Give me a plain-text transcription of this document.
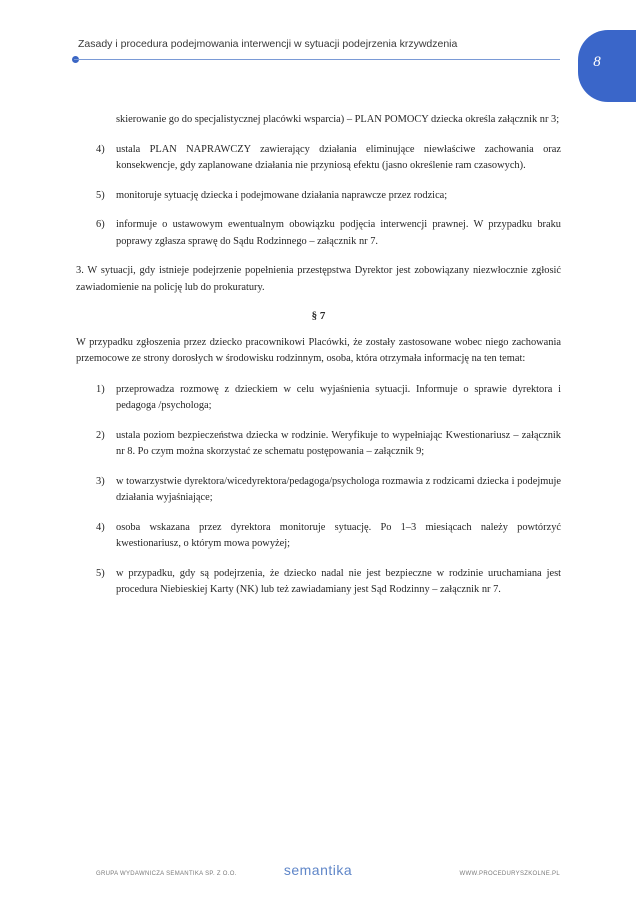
Zasady i procedura podejmowania interwencji w sytuacji podejrzenia krzywdzenia
8

skierowanie go do specjalistycznej placówki wsparcia) – PLAN POMOCY dziecka określa załącznik nr 3;

4) ustala PLAN NAPRAWCZY zawierający działania eliminujące niewłaściwe zachowania oraz konsekwencje, gdy zaplanowane działania nie przyniosą efektu (jasno określenie ram czasowych).
5) monitoruje sytuację dziecka i podejmowane działania naprawcze przez rodzica;
6) informuje o ustawowym ewentualnym obowiązku podjęcia interwencji prawnej. W przypadku braku poprawy zgłasza sprawę do Sądu Rodzinnego – załącznik nr 7.

3. W sytuacji, gdy istnieje podejrzenie popełnienia przestępstwa Dyrektor jest zobowiązany niezwłocznie zgłosić zawiadomienie na policję lub do prokuratury.

§ 7

W przypadku zgłoszenia przez dziecko pracownikowi Placówki, że zostały zastosowane wobec niego zachowania przemocowe ze strony dorosłych w środowisku rodzinnym, osoba, która otrzymała informację na ten temat:

1) przeprowadza rozmowę z dzieckiem w celu wyjaśnienia sytuacji. Informuje o sprawie dyrektora i pedagoga /psychologa;
2) ustala poziom bezpieczeństwa dziecka w rodzinie. Weryfikuje to wypełniając Kwestionariusz – załącznik nr 8. Po czym można skorzystać ze schematu postępowania – załącznik 9;
3) w towarzystwie dyrektora/wicedyrektora/pedagoga/psychologa rozmawia z rodzicami dziecka i podejmuje działania wyjaśniające;
4) osoba wskazana przez dyrektora monitoruje sytuację. Po 1–3 miesiącach należy powtórzyć kwestionariusz, o którym mowa powyżej;
5) w przypadku, gdy są podejrzenia, że dziecko nadal nie jest bezpieczne w rodzinie uruchamiana jest procedura Niebieskiej Karty (NK) lub też zawiadamiany jest Sąd Rodzinny – załącznik nr 7.
GRUPA WYDAWNICZA SEMANTIKA SP. Z O.O.	semantika	WWW.PROCEDURYSZKOLNE.PL
